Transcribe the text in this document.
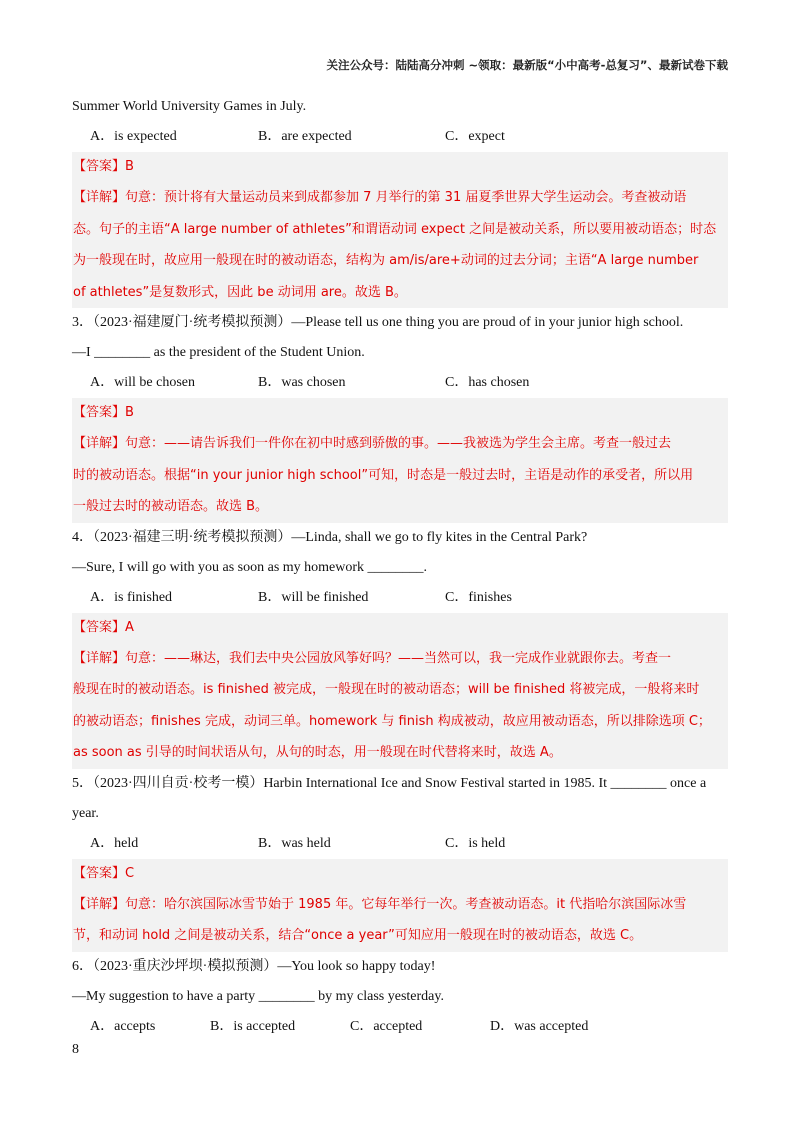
关注公众号：陆陆高分冲刺 ~领取：最新版“小中高考-总复习”、最新试卷下载
Summer World University Games in July.
A．is expected	B．are expected	C．expect
【答案】B
【详解】句意：预计将有大量运动员来到成都参加 7 月举行的第 31 届夏季世界大学生运动会。考查被动语
态。句子的主语“A large number of athletes”和谓语动词 expect 之间是被动关系，所以要用被动语态；时态
为一般现在时，故应用一般现在时的被动语态，结构为 am/is/are+动词的过去分词；主语“A large number
of athletes”是复数形式，因此 be 动词用 are。故选 B。
3．（2023·福建厦门·统考模拟预测）—Please tell us one thing you are proud of in your junior high school.
—I ________ as the president of the Student Union.
A．will be chosen	B．was chosen	C．has chosen
【答案】B
【详解】句意：——请告诉我们一件你在初中时感到骄傲的事。——我被选为学生会主席。考查一般过去
时的被动语态。根据“in your junior high school”可知，时态是一般过去时，主语是动作的承受者，所以用
一般过去时的被动语态。故选 B。
4．（2023·福建三明·统考模拟预测）—Linda, shall we go to fly kites in the Central Park?
—Sure, I will go with you as soon as my homework ________.
A．is finished	B．will be finished	C．finishes
【答案】A
【详解】句意：——琳达，我们去中央公园放风筝好吗？——当然可以，我一完成作业就跟你去。考查一
般现在时的被动语态。is finished 被完成，一般现在时的被动语态；will be finished 将被完成，一般将来时
的被动语态；finishes 完成，动词三单。homework 与 finish 构成被动，故应用被动语态，所以排除选项 C；
as soon as 引导的时间状语从句，从句的时态，用一般现在时代替将来时，故选 A。
5．（2023·四川自贡·校考一模）Harbin International Ice and Snow Festival started in 1985. It ________ once a
year.
A．held	B．was held	C．is held
【答案】C
【详解】句意：哈尔滨国际冰雪节始于 1985 年。它每年举行一次。考查被动语态。it 代指哈尔滨国际冰雪
节，和动词 hold 之间是被动关系，结合“once a year”可知应用一般现在时的被动语态，故选 C。
6．（2023·重庆沙坪坝·模拟预测）—You look so happy today!
—My suggestion to have a party ________ by my class yesterday.
A．accepts	B．is accepted	C．accepted	D．was accepted
8
